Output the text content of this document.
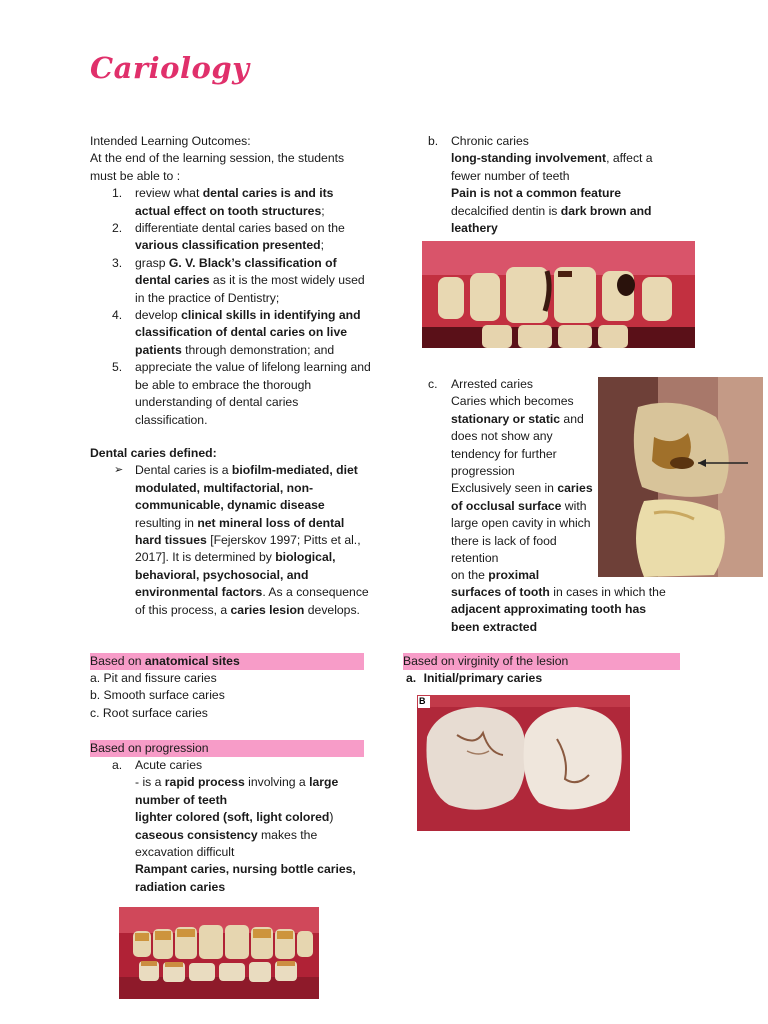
Cariology

Intended Learning Outcomes:

At the end of the learning session, the students must be able to :

1. review what dental caries is and its actual effect on tooth structures;
2. differentiate dental caries based on the various classification presented;
3. grasp G. V. Black’s classification of dental caries as it is the most widely used in the practice of Dentistry;
4. develop clinical skills in identifying and classification of dental caries on live patients through demonstration; and
5. appreciate the value of lifelong learning and be able to embrace the thorough understanding of dental caries classification.

Dental caries defined:

➢ Dental caries is a biofilm-mediated, diet modulated, multifactorial, non-communicable, dynamic disease resulting in net mineral loss of dental hard tissues [Fejerskov 1997; Pitts et al., 2017]. It is determined by biological, behavioral, psychosocial, and environmental factors. As a consequence of this process, a caries lesion develops.
Based on anatomical sites

a. Pit and fissure caries

b. Smooth surface caries

c. Root surface caries

Based on progression
a. Acute caries
- is a rapid process involving a large number of teeth
lighter colored (soft, light colored)
caseous consistency makes the excavation difficult
Rampant caries, nursing bottle caries, radiation caries
b. Chronic caries
long-standing involvement, affect a fewer number of teeth
Pain is not a common feature
decalcified dentin is dark brown and leathery
c. Arrested caries
Caries which becomes stationary or static and does not show any tendency for further progression
Exclusively seen in caries of occlusal surface with large open cavity in which there is lack of food retention
on the proximal
surfaces of tooth in cases in which the
adjacent approximating tooth has been extracted
Based on virginity of the lesion
a. Initial/primary caries
B
